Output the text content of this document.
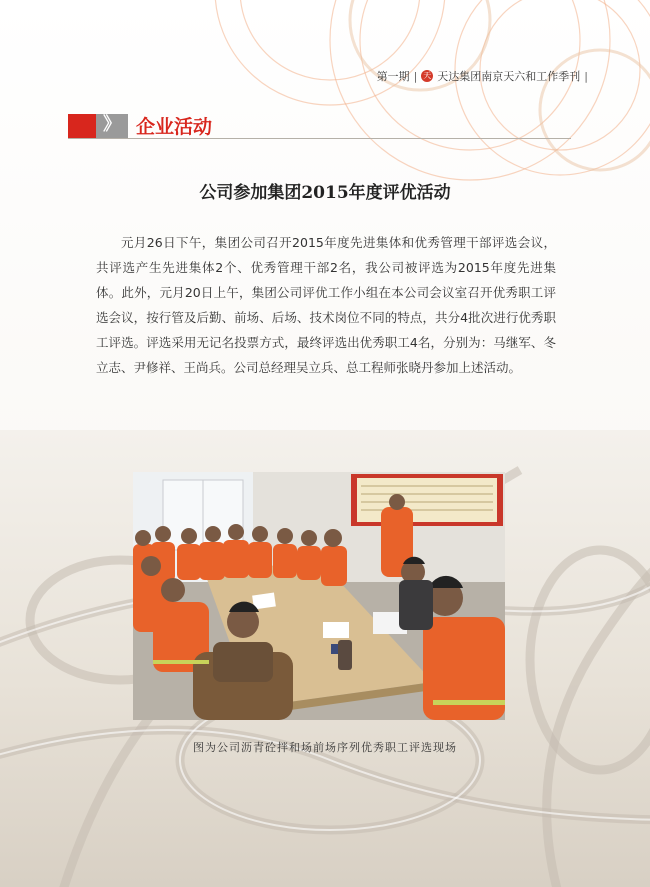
第一期 | 天 天达集团南京天六和工作季刊 |
》 企业活动
公司参加集团2015年度评优活动

元月26日下午，集团公司召开2015年度先进集体和优秀管理干部评选会议，共评选产生先进集体2个、优秀管理干部2名，我公司被评选为2015年度先进集体。此外，元月20日上午，集团公司评优工作小组在本公司会议室召开优秀职工评选会议，按行管及后勤、前场、后场、技术岗位不同的特点，共分4批次进行优秀职工评选。评选采用无记名投票方式，最终评选出优秀职工4名，分别为：马继军、冬立志、尹修祥、王尚兵。公司总经理吴立兵、总工程师张晓丹参加上述活动。

图为公司沥青砼拌和场前场序列优秀职工评选现场
